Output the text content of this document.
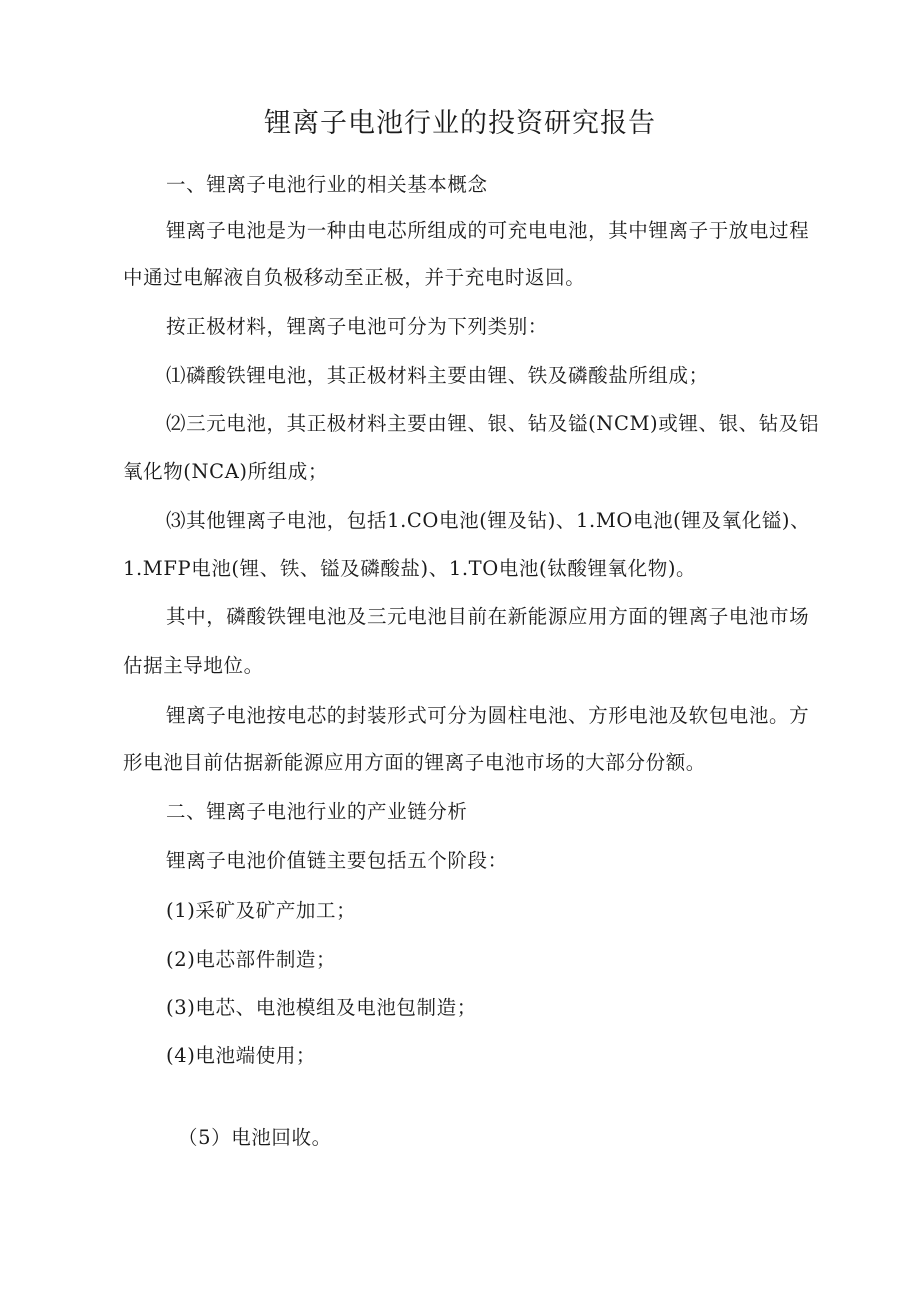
锂离子电池行业的投资研究报告
一、锂离子电池行业的相关基本概念
锂离子电池是为一种由电芯所组成的可充电电池，其中锂离子于放电过程
中通过电解液自负极移动至正极，并于充电时返回。
按正极材料，锂离子电池可分为下列类别：
⑴磷酸铁锂电池，其正极材料主要由锂、铁及磷酸盐所组成；
⑵三元电池，其正极材料主要由锂、银、钻及镒(NCM)或锂、银、钻及铝
氧化物(NCA)所组成；
⑶其他锂离子电池，包括1.CO电池(锂及钻)、1.MO电池(锂及氧化镒)、
1.MFP电池(锂、铁、镒及磷酸盐)、1.TO电池(钛酸锂氧化物)。
其中，磷酸铁锂电池及三元电池目前在新能源应用方面的锂离子电池市场
估据主导地位。
锂离子电池按电芯的封装形式可分为圆柱电池、方形电池及软包电池。方
形电池目前估据新能源应用方面的锂离子电池市场的大部分份额。
二、锂离子电池行业的产业链分析
锂离子电池价值链主要包括五个阶段：
(1)采矿及矿产加工；
(2)电芯部件制造；
(3)电芯、电池模组及电池包制造；
(4)电池端使用；
（5）电池回收。
